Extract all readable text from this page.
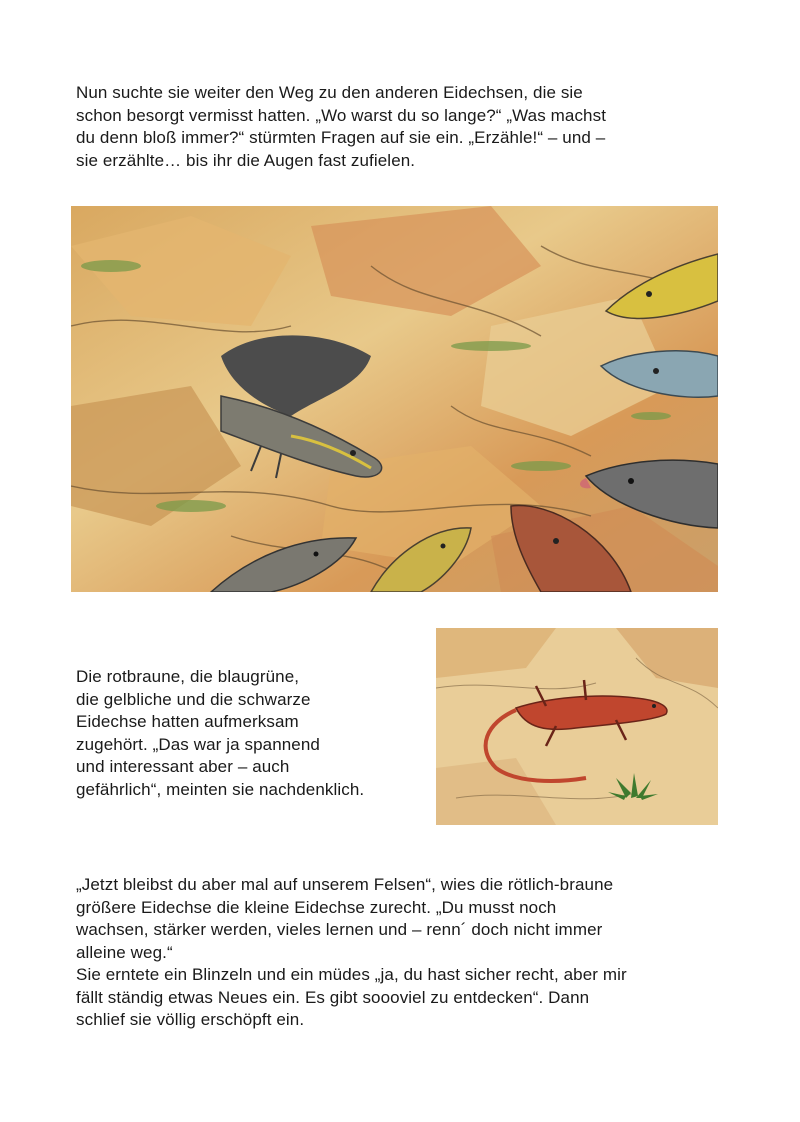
Nun suchte sie weiter den Weg zu den anderen Eidechsen, die sie
schon besorgt vermisst hatten. „Wo warst du so lange?“ „Was machst
du denn bloß immer?“ stürmten Fragen auf sie ein. „Erzähle!“ – und –
sie erzählte… bis ihr die Augen fast zufielen.
Die rotbraune, die blaugrüne,
die gelbliche und die schwarze
Eidechse hatten aufmerksam
zugehört. „Das war ja spannend
und interessant aber – auch
gefährlich“, meinten sie nachdenklich.
„Jetzt bleibst du aber mal auf unserem Felsen“, wies die rötlich-braune
größere Eidechse die kleine Eidechse zurecht. „Du musst noch
wachsen, stärker werden, vieles lernen und – renn´ doch nicht immer
alleine weg.“
Sie erntete ein Blinzeln und ein müdes „ja, du hast sicher recht, aber mir
fällt ständig etwas Neues ein. Es gibt soooviel zu entdecken“. Dann
schlief sie völlig erschöpft ein.
